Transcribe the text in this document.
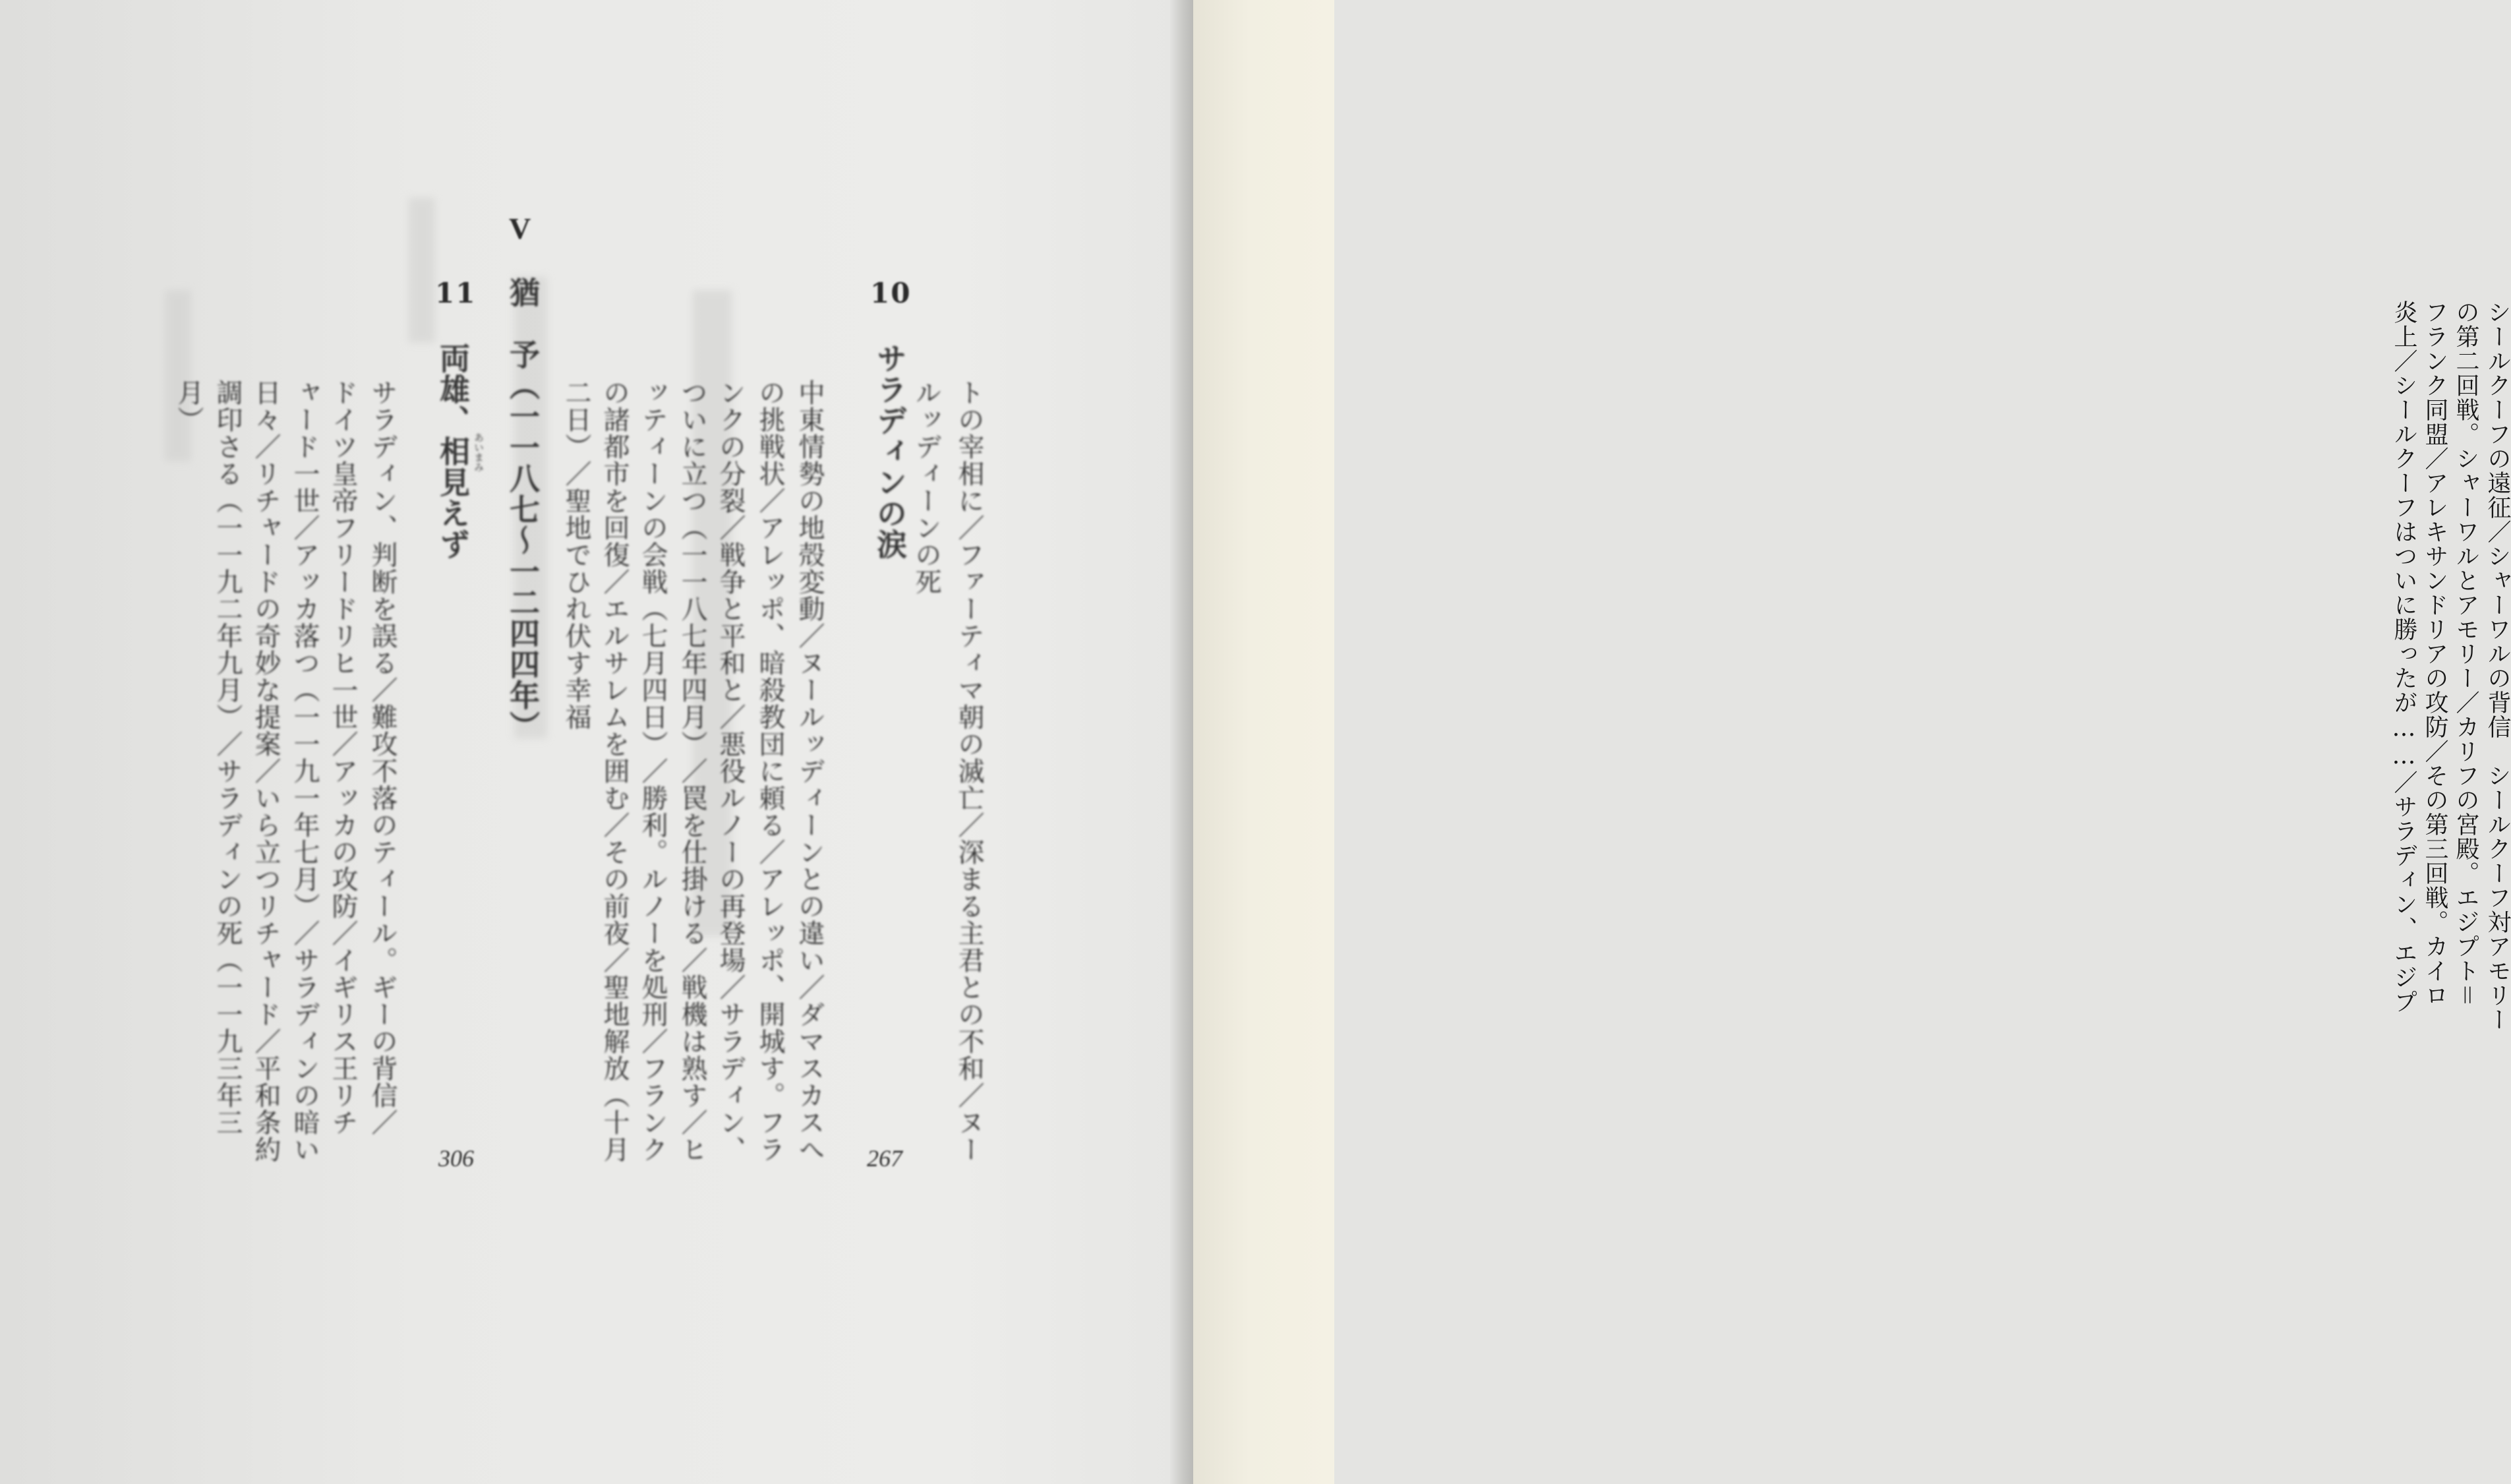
トの宰相に／ファーティマ朝の滅亡／深まる主君との不和／ヌー
ルッディーンの死
10
サラディンの涙
267
中東情勢の地殻変動／ヌールッディーンとの違い／ダマスカスへ
の挑戦状／アレッポ、暗殺教団に頼る／アレッポ、開城す。フラ
ンクの分裂／戦争と平和と／悪役ルノーの再登場／サラディン、
ついに立つ（一一八七年四月）／罠を仕掛ける／戦機は熟す／ヒ
ッティーンの会戦（七月四日）／勝利。ルノーを処刑／フランク
の諸都市を回復／エルサレムを囲む／その前夜／聖地解放（十月
二日）／聖地でひれ伏す幸福
V
猶　予（一一八七〜一二四四年）
11
両雄、相見えず あいまみ
306
サラディン、判断を誤る／難攻不落のティール。ギーの背信／
ドイツ皇帝フリードリヒ一世／アッカの攻防／イギリス王リチ
ャード一世／アッカ落つ（一一九一年七月）／サラディンの暗い
日々／リチャードの奇妙な提案／いら立つリチャード／平和条約
調印さる（一一九二年九月）／サラディンの死（一一九三年三
月）	シールクーフの遠征／シャーワルの背信　シールクーフ対アモリー
の第二回戦。シャーワルとアモリー／カリフの宮殿。エジプト＝
フランク同盟／アレキサンドリアの攻防／その第三回戦。カイロ
炎上／シールクーフはついに勝ったが……／サラディン、エジプ
